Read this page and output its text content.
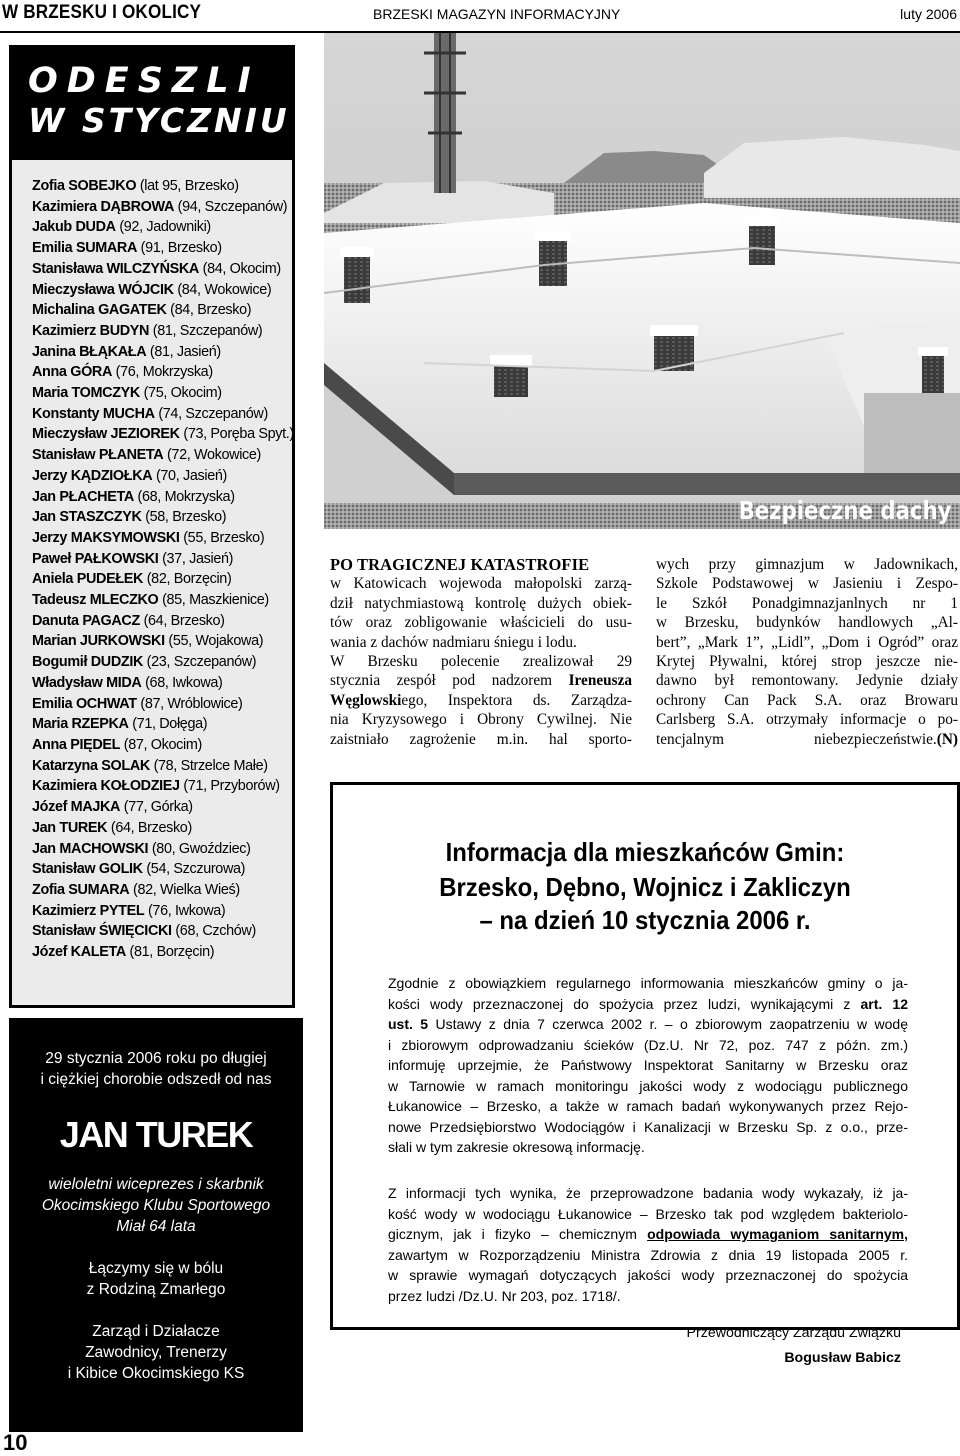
W BRZESKU I OKOLICY	BRZESKI MAGAZYN INFORMACYJNY	luty 2006
ODESZLI
W STYCZNIU
Zofia SOBEJKO (lat 95, Brzesko)
Kazimiera DĄBROWA (94, Szczepanów)
Jakub DUDA (92, Jadowniki)
Emilia SUMARA (91, Brzesko)
Stanisława WILCZYŃSKA (84, Okocim)
Mieczysława WÓJCIK (84, Wokowice)
Michalina GAGATEK (84, Brzesko)
Kazimierz BUDYN (81, Szczepanów)
Janina BŁĄKAŁA (81, Jasień)
Anna GÓRA (76, Mokrzyska)
Maria TOMCZYK (75, Okocim)
Konstanty MUCHA (74, Szczepanów)
Mieczysław JEZIOREK (73, Poręba Spyt.)
Stanisław PŁANETA (72, Wokowice)
Jerzy KĄDZIOŁKA (70, Jasień)
Jan PŁACHETA (68, Mokrzyska)
Jan STASZCZYK (58, Brzesko)
Jerzy MAKSYMOWSKI (55, Brzesko)
Paweł PAŁKOWSKI (37, Jasień)
Aniela PUDEŁEK (82, Borzęcin)
Tadeusz MLECZKO (85, Maszkienice)
Danuta PAGACZ (64, Brzesko)
Marian JURKOWSKI (55, Wojakowa)
Bogumił DUDZIK (23, Szczepanów)
Władysław MIDA (68, Iwkowa)
Emilia OCHWAT (87, Wróblowice)
Maria RZEPKA (71, Dołęga)
Anna PIĘDEL (87, Okocim)
Katarzyna SOLAK (78, Strzelce Małe)
Kazimiera KOŁODZIEJ (71, Przyborów)
Józef MAJKA (77, Górka)
Jan TUREK (64, Brzesko)
Jan MACHOWSKI (80, Gwoździec)
Stanisław GOLIK (54, Szczurowa)
Zofia SUMARA (82, Wielka Wieś)
Kazimierz PYTEL (76, Iwkowa)
Stanisław ŚWIĘCICKI (68, Czchów)
Józef KALETA (81, Borzęcin)

29 stycznia 2006 roku po długiej

i ciężkiej chorobie odszedł od nas

JAN TUREK

wieloletni wiceprezes i skarbnik

Okocimskiego Klubu Sportowego

Miał 64 lata

Łączymy się w bólu

z Rodziną Zmarłego

Zarząd i Działacze

Zawodnicy, Trenerzy

i Kibice Okocimskiego KS

10
Bezpieczne dachy

PO TRAGICZNEJ KATASTROFIE

w Katowicach wojewoda małopolski zarzą-

dził natychmiastową kontrolę dużych obiek-

tów oraz zobligowanie właścicieli do usu-

wania z dachów nadmiaru śniegu i lodu.

W Brzesku polecenie zrealizował 29

stycznia zespół pod nadzorem Ireneusza

Węglowskiego, Inspektora ds. Zarządza-

nia Kryzysowego i Obrony Cywilnej. Nie

zaistniało zagrożenie m.in. hal sporto-

wych przy gimnazjum w Jadownikach,

Szkole Podstawowej w Jasieniu i Zespo-

le Szkół Ponadgimnazjanlnych nr 1

w Brzesku, budynków handlowych „Al-

bert”, „Mark 1”, „Lidl”, „Dom i Ogród” oraz

Krytej Pływalni, której strop jeszcze nie-

dawno był remontowany. Jedynie działy

ochrony Can Pack S.A. oraz Browaru

Carlsberg S.A. otrzymały informacje o po-

tencjalnym niebezpieczeństwie.(N)

Informacja dla mieszkańców Gmin:
Brzesko, Dębno, Wojnicz i Zakliczyn
– na dzień 10 stycznia 2006 r.

Zgodnie z obowiązkiem regularnego informowania mieszkańców gminy o ja-

kości wody przeznaczonej do spożycia przez ludzi, wynikającymi z art. 12

ust. 5 Ustawy z dnia 7 czerwca 2002 r. – o zbiorowym zaopatrzeniu w wodę

i zbiorowym odprowadzaniu ścieków (Dz.U. Nr 72, poz. 747 z późn. zm.)

informuję uprzejmie, że Państwowy Inspektorat Sanitarny w Brzesku oraz

w Tarnowie w ramach monitoringu jakości wody z wodociągu publicznego

Łukanowice – Brzesko, a także w ramach badań wykonywanych przez Rejo-

nowe Przedsiębiorstwo Wodociągów i Kanalizacji w Brzesku Sp. z o.o., prze-

słali w tym zakresie okresową informację.

Z informacji tych wynika, że przeprowadzone badania wody wykazały, iż ja-

kość wody w wodociągu Łukanowice – Brzesko tak pod względem bakteriolo-

gicznym, jak i fizyko – chemicznym odpowiada wymaganiom sanitarnym,

zawartym w Rozporządzeniu Ministra Zdrowia z dnia 19 listopada 2005 r.

w sprawie wymagań dotyczących jakości wody przeznaczonej do spożycia

przez ludzi /Dz.U. Nr 203, poz. 1718/.

Przewodniczący Zarządu Związku
Bogusław Babicz
